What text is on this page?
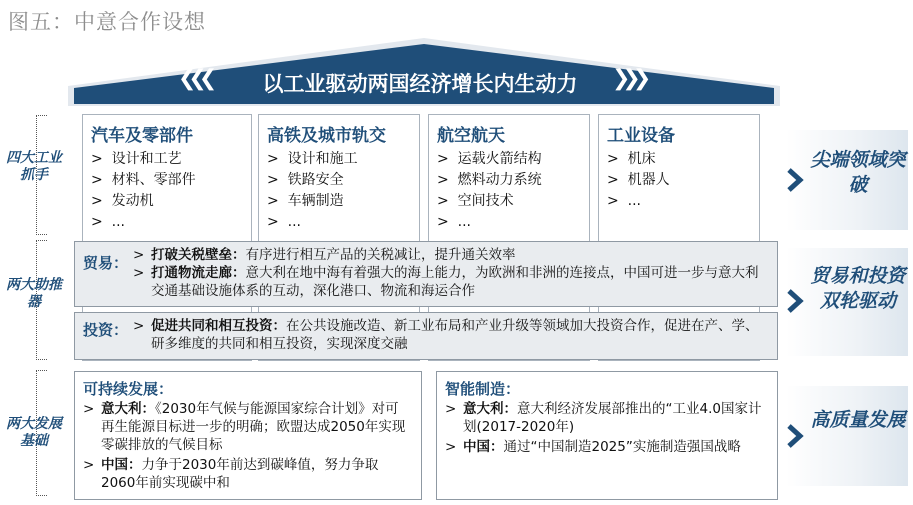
图五：中意合作设想
以工业驱动两国经济增长内生动力
❮❮❮	❯❯❯
四大工业抓手
两大助推器
两大发展基础
汽车及零部件
>  设计和工艺
>  材料、零部件
>  发动机
>  ...
高铁及城市轨交
>  设计和施工
>  铁路安全
>  车辆制造
>  ...
航空航天
>  运载火箭结构
>  燃料动力系统
>  空间技术
>  ...
工业设备
>  机床
>  机器人
>  ...
贸易： > 打破关税壁垒：有序进行相互产品的关税减让，提升通关效率
> 打通物流走廊：意大利在地中海有着强大的海上能力，为欧洲和非洲的连接点，中国可进一步与意大利交通基础设施体系的互动，深化港口、物流和海运合作
投资： > 促进共同和相互投资：在公共设施改造、新工业布局和产业升级等领域加大投资合作，促进在产、学、研多维度的共同和相互投资，实现深度交融
可持续发展：
> 意大利：《2030年气候与能源国家综合计划》对可再生能源目标进一步的明确；欧盟达成2050年实现零碳排放的气候目标
> 中国：力争于2030年前达到碳峰值，努力争取2060年前实现碳中和
智能制造：
> 意大利：意大利经济发展部推出的“工业4.0国家计划(2017-2020年)
> 中国：通过“中国制造2025”实施制造强国战略
尖端领域突破
贸易和投资双轮驱动
高质量发展
